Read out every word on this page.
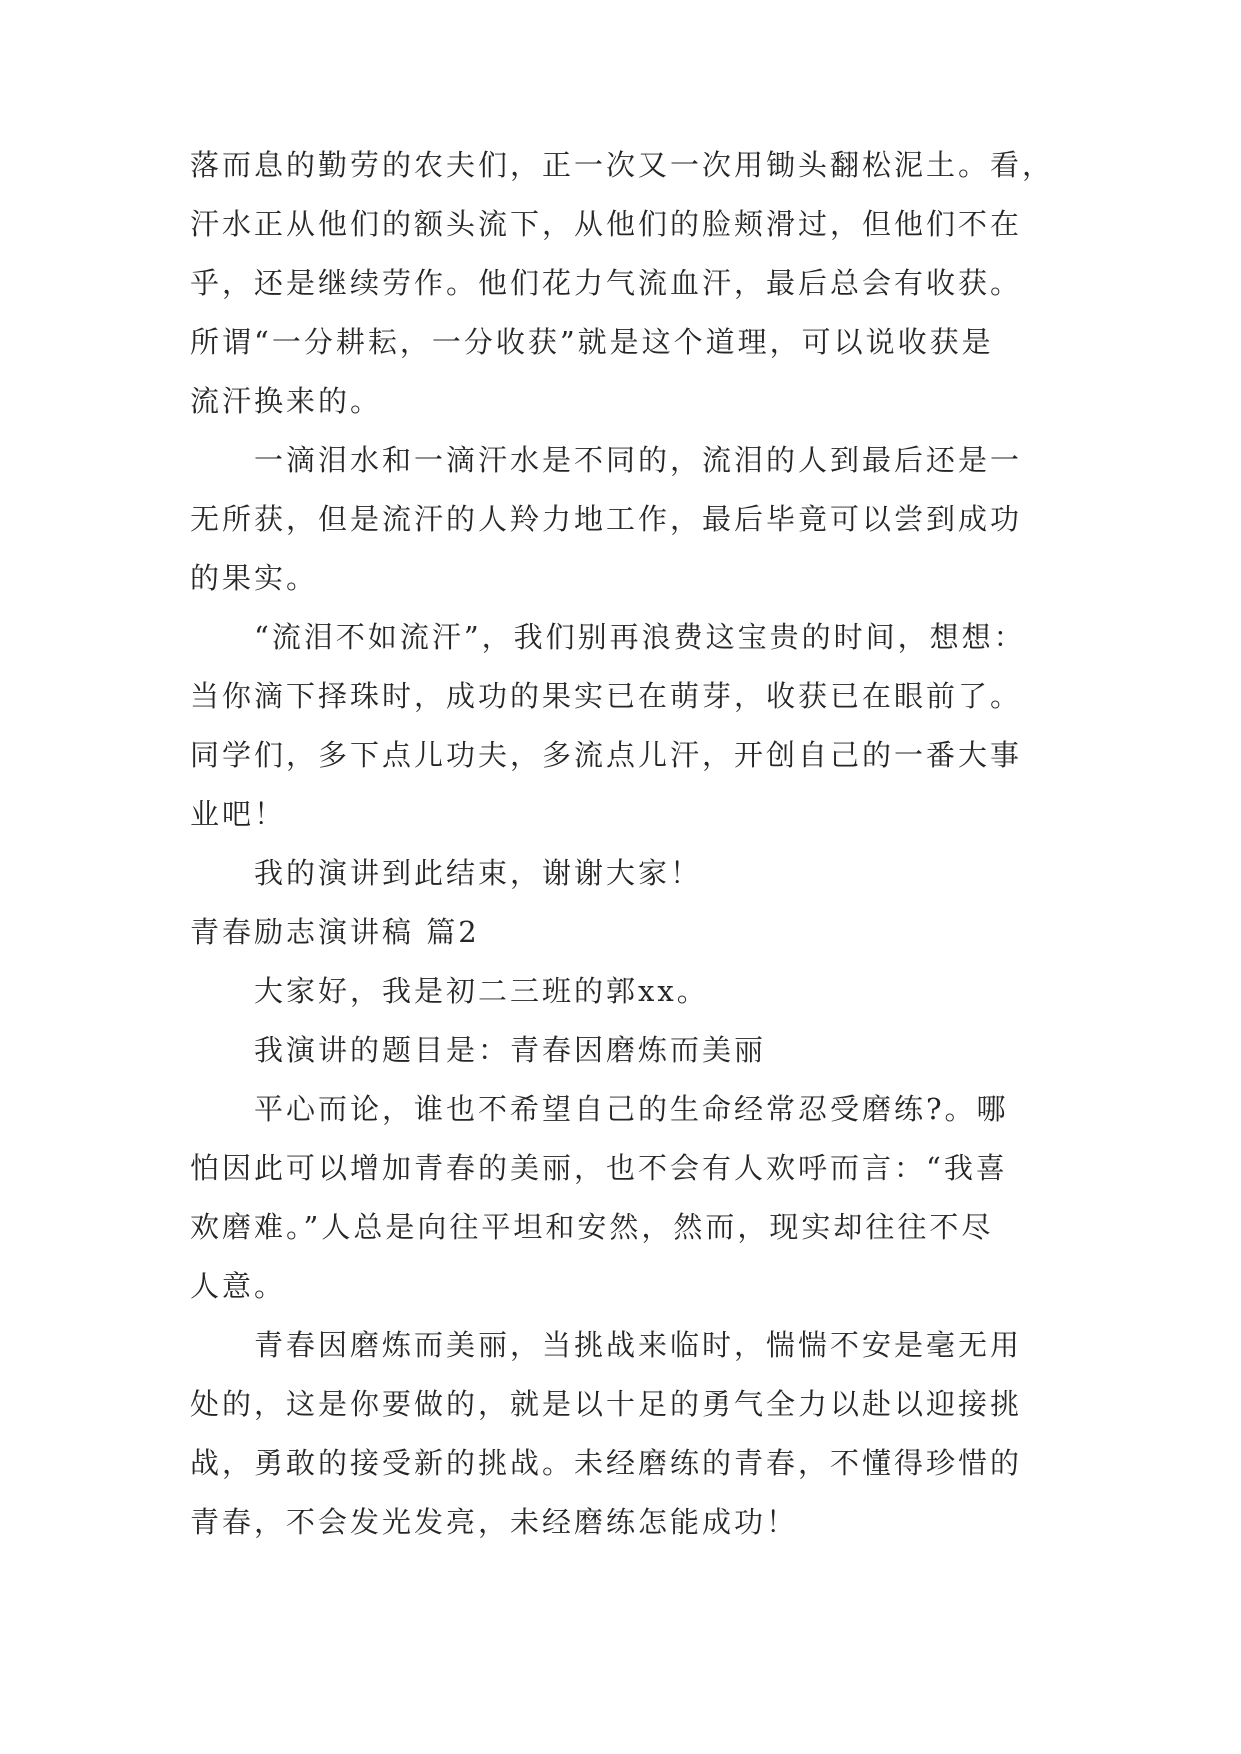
落而息的勤劳的农夫们，正一次又一次用锄头翻松泥土。看，
汗水正从他们的额头流下，从他们的脸颊滑过，但他们不在
乎，还是继续劳作。他们花力气流血汗，最后总会有收获。
所谓“一分耕耘，一分收获”就是这个道理，可以说收获是
流汗换来的。
一滴泪水和一滴汗水是不同的，流泪的人到最后还是一
无所获，但是流汗的人羚力地工作，最后毕竟可以尝到成功
的果实。
“流泪不如流汗”，我们别再浪费这宝贵的时间，想想：
当你滴下择珠时，成功的果实已在萌芽，收获已在眼前了。
同学们，多下点儿功夫，多流点儿汗，开创自己的一番大事
业吧！
我的演讲到此结束，谢谢大家！
青春励志演讲稿 篇2
大家好，我是初二三班的郭xx。
我演讲的题目是：青春因磨炼而美丽
平心而论，谁也不希望自己的生命经常忍受磨练?。哪
怕因此可以增加青春的美丽，也不会有人欢呼而言：“我喜
欢磨难。”人总是向往平坦和安然，然而，现实却往往不尽
人意。
青春因磨炼而美丽，当挑战来临时，惴惴不安是毫无用
处的，这是你要做的，就是以十足的勇气全力以赴以迎接挑
战，勇敢的接受新的挑战。未经磨练的青春，不懂得珍惜的
青春，不会发光发亮，未经磨练怎能成功！
